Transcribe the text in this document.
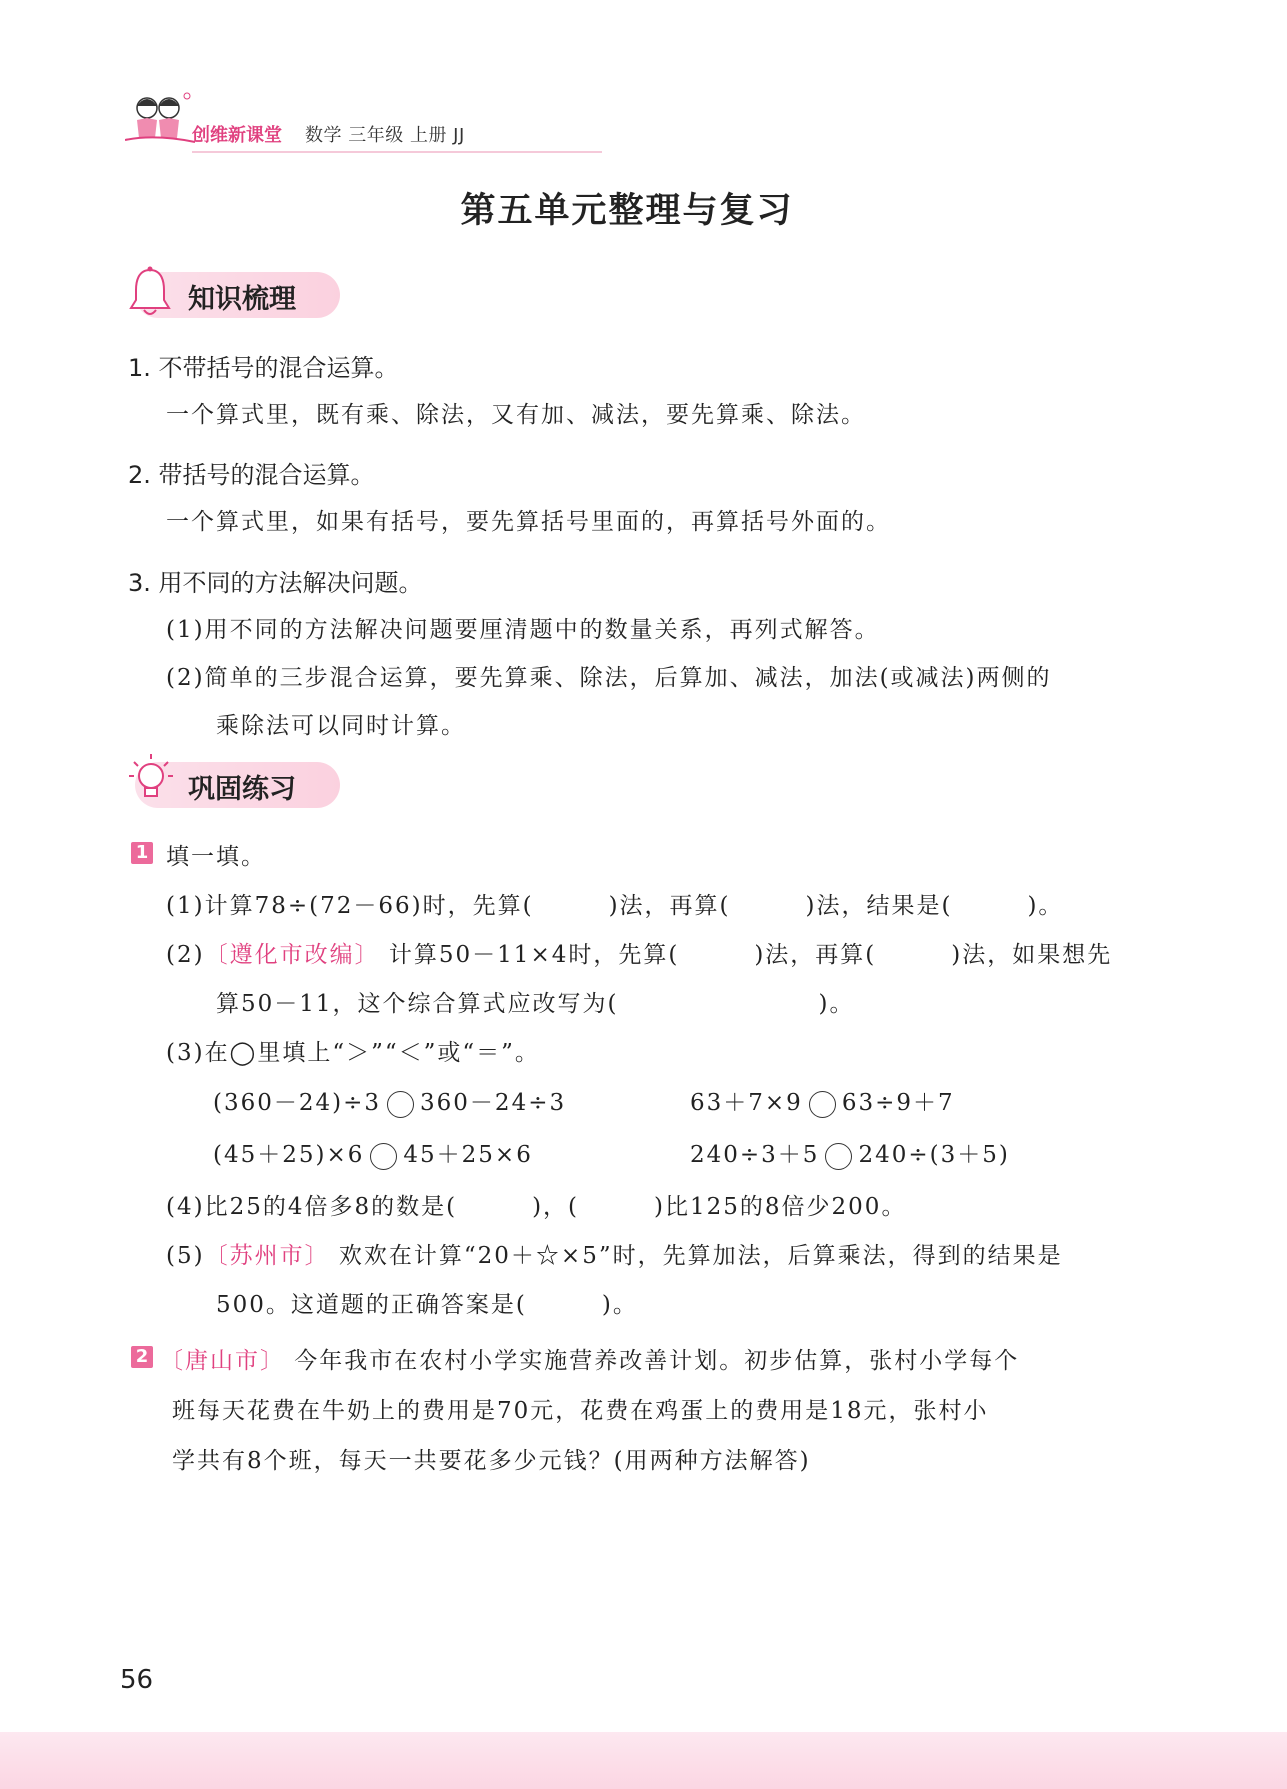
创维新课堂 数学 三年级 上册 JJ
第五单元整理与复习
知识梳理
1. 不带括号的混合运算。
一个算式里，既有乘、除法，又有加、减法，要先算乘、除法。
2. 带括号的混合运算。
一个算式里，如果有括号，要先算括号里面的，再算括号外面的。
3. 用不同的方法解决问题。
(1)用不同的方法解决问题要厘清题中的数量关系，再列式解答。
(2)简单的三步混合运算，要先算乘、除法，后算加、减法，加法(或减法)两侧的
乘除法可以同时计算。
巩固练习
1 填一填。
(1)计算78÷(72－66)时，先算(　　　)法，再算(　　　)法，结果是(　　　)。
(2)〔遵化市改编〕 计算50－11×4时，先算(　　　)法，再算(　　　)法，如果想先
算50－11，这个综合算式应改写为(　　　　　　　　)。
(3)在◯里填上“＞”“＜”或“＝”。
(360－24)÷3 360－24÷3	63＋7×9 63÷9＋7
(45＋25)×6 45＋25×6	240÷3＋5 240÷(3＋5)
(4)比25的4倍多8的数是(　　　)，(　　　)比125的8倍少200。
(5)〔苏州市〕 欢欢在计算“20＋☆×5”时，先算加法，后算乘法，得到的结果是
500。这道题的正确答案是(　　　)。
2 〔唐山市〕 今年我市在农村小学实施营养改善计划。初步估算，张村小学每个
班每天花费在牛奶上的费用是70元，花费在鸡蛋上的费用是18元，张村小
学共有8个班，每天一共要花多少元钱？(用两种方法解答)
56
